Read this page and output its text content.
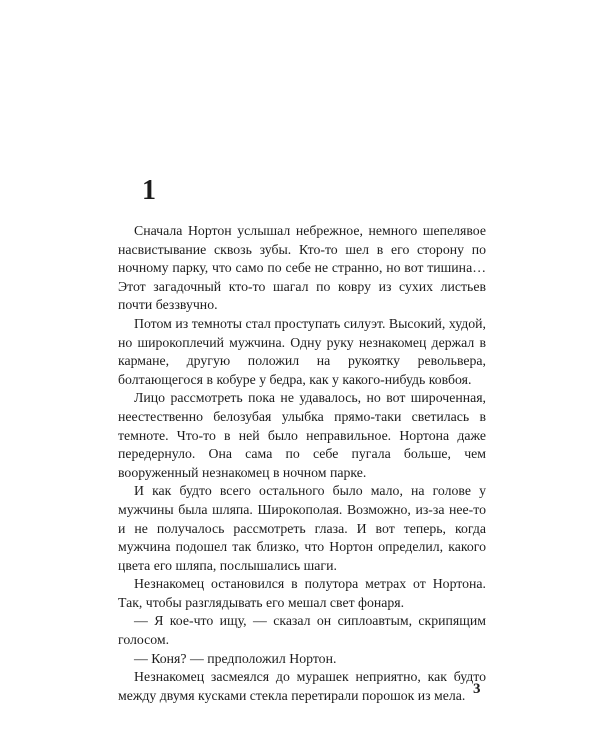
1

Сначала Нортон услышал небрежное, немного шепелявое насвистывание сквозь зубы. Кто-то шел в его сторону по ночному парку, что само по себе не странно, но вот тишина… Этот загадочный кто-то шагал по ковру из сухих листьев почти беззвучно.

Потом из темноты стал проступать силуэт. Высокий, худой, но широкоплечий мужчина. Одну руку незнакомец держал в кармане, другую положил на рукоятку револьвера, болтающегося в кобуре у бедра, как у какого-нибудь ковбоя.

Лицо рассмотреть пока не удавалось, но вот широченная, неестественно белозубая улыбка прямо-таки светилась в темноте. Что-то в ней было неправильное. Нортона даже передернуло. Она сама по себе пугала больше, чем вооруженный незнакомец в ночном парке.

И как будто всего остального было мало, на голове у мужчины была шляпа. Широкополая. Возможно, из-за нее-то и не получалось рассмотреть глаза. И вот теперь, когда мужчина подошел так близко, что Нортон определил, какого цвета его шляпа, послышались шаги.

Незнакомец остановился в полутора метрах от Нортона. Так, чтобы разглядывать его мешал свет фонаря.

— Я кое-что ищу, — сказал он сиплоавтым, скрипящим голосом.

— Коня? — предположил Нортон.

Незнакомец засмеялся до мурашек неприятно, как будто между двумя кусками стекла перетирали порошок из мела. 3
